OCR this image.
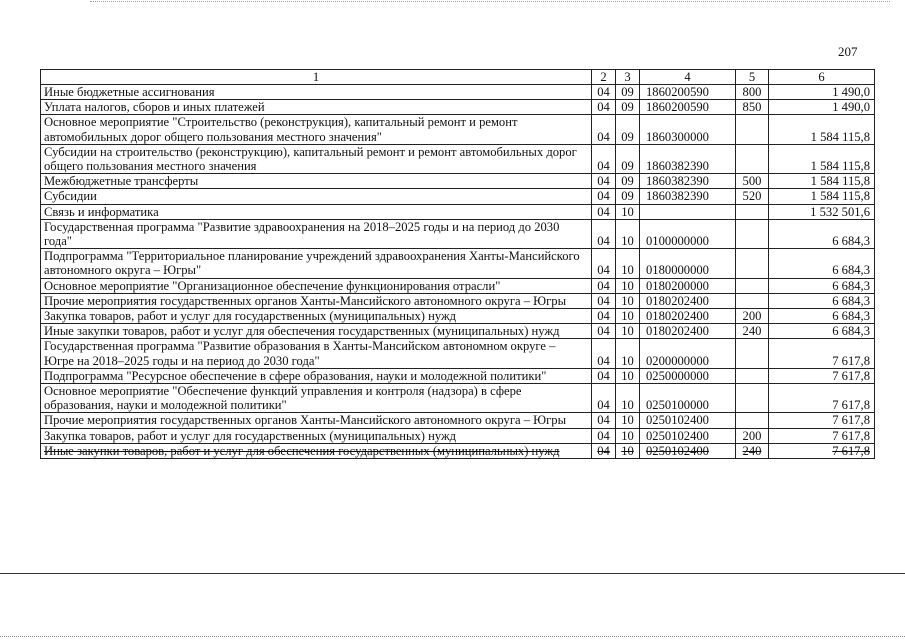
207
1	2	3	4	5	6
Иные бюджетные ассигнования	04	09	1860200590	800	1 490,0
Уплата налогов, сборов и иных платежей	04	09	1860200590	850	1 490,0
Основное мероприятие "Строительство (реконструкция), капитальный ремонт и ремонт автомобильных дорог общего пользования местного значения"	04	09	1860300000		1 584 115,8
Субсидии на строительство (реконструкцию), капитальный ремонт и ремонт автомобильных дорог общего пользования местного значения	04	09	1860382390		1 584 115,8
Межбюджетные трансферты	04	09	1860382390	500	1 584 115,8
Субсидии	04	09	1860382390	520	1 584 115,8
Связь и информатика	04	10			1 532 501,6
Государственная программа "Развитие здравоохранения на 2018–2025 годы и на период до 2030 года"	04	10	0100000000		6 684,3
Подпрограмма "Территориальное планирование учреждений здравоохранения Ханты-Мансийского автономного округа – Югры"	04	10	0180000000		6 684,3
Основное мероприятие "Организационное обеспечение функционирования отрасли"	04	10	0180200000		6 684,3
Прочие мероприятия государственных органов Ханты-Мансийского автономного округа – Югры	04	10	0180202400		6 684,3
Закупка товаров, работ и услуг для государственных (муниципальных) нужд	04	10	0180202400	200	6 684,3
Иные закупки товаров, работ и услуг для обеспечения государственных (муниципальных) нужд	04	10	0180202400	240	6 684,3
Государственная программа "Развитие образования в Ханты-Мансийском автономном округе – Югре на 2018–2025 годы и на период до 2030 года"	04	10	0200000000		7 617,8
Подпрограмма "Ресурсное обеспечение в сфере образования, науки и молодежной политики"	04	10	0250000000		7 617,8
Основное мероприятие "Обеспечение функций управления и контроля (надзора) в сфере образования, науки и молодежной политики"	04	10	0250100000		7 617,8
Прочие мероприятия государственных органов Ханты-Мансийского автономного округа – Югры	04	10	0250102400		7 617,8
Закупка товаров, работ и услуг для государственных (муниципальных) нужд	04	10	0250102400	200	7 617,8
Иные закупки товаров, работ и услуг для обеспечения государственных (муниципальных) нужд	04	10	0250102400	240	7 617,8
